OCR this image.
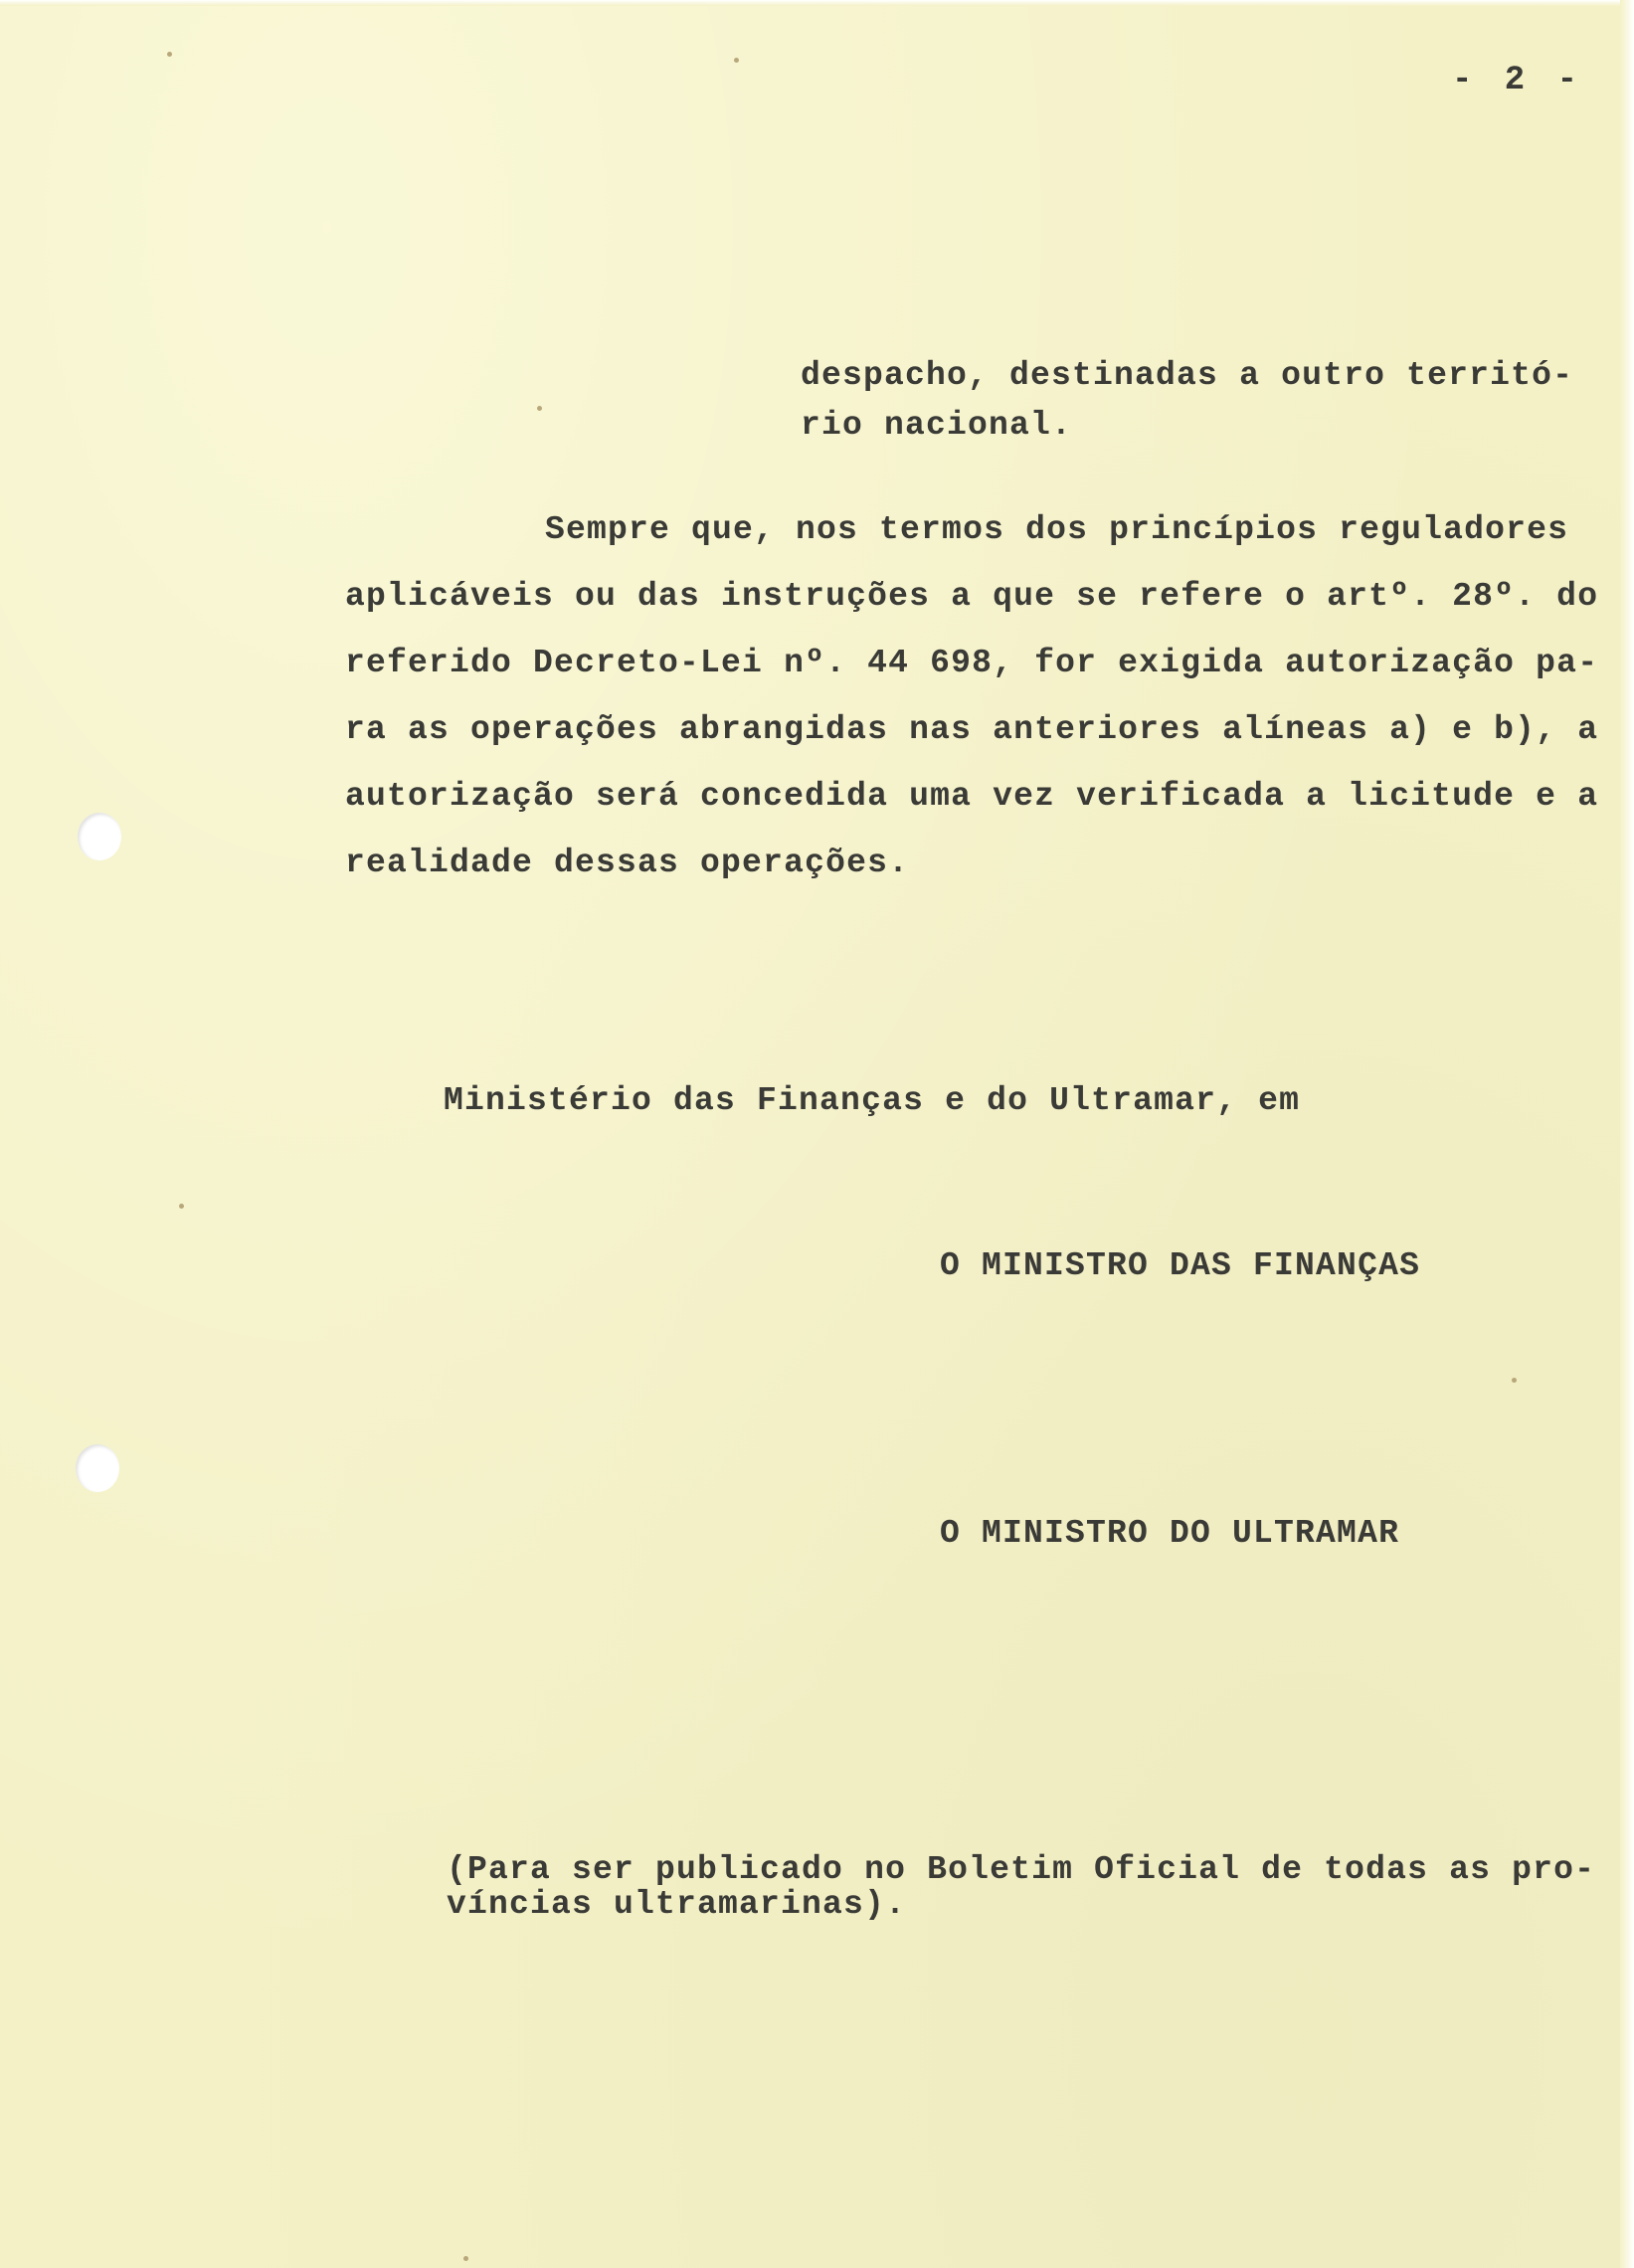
- 2 -
despacho, destinadas a outro territó-
rio nacional.
Sempre que, nos termos dos princípios reguladores
aplicáveis ou das instruções a que se refere o artº. 28º. do
referido Decreto-Lei nº. 44 698, for exigida autorização pa-
ra as operações abrangidas nas anteriores alíneas a) e b), a
autorização será concedida uma vez verificada a licitude e a
realidade dessas operações.
Ministério das Finanças e do Ultramar, em
O MINISTRO DAS FINANÇAS
O MINISTRO DO ULTRAMAR
(Para ser publicado no Boletim Oficial de todas as pro-
víncias ultramarinas).
